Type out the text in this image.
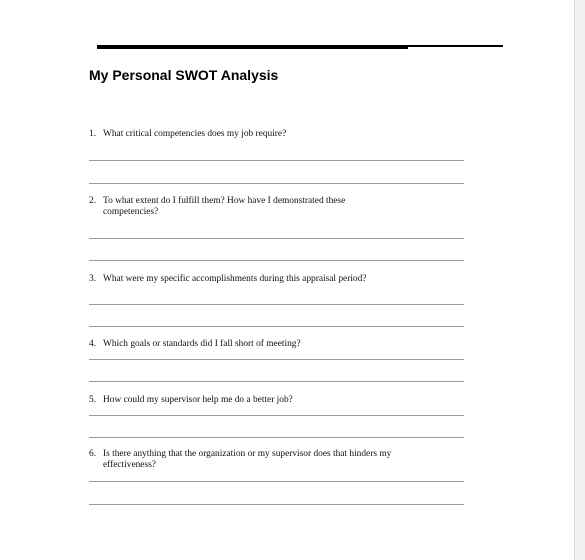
My Personal SWOT Analysis
1. What critical competencies does my job require?
2. To what extent do I fulfill them? How have I demonstrated these competencies?
3. What were my specific accomplishments during this appraisal period?
4. Which goals or standards did I fall short of meeting?
5. How could my supervisor help me do a better job?
6. Is there anything that the organization or my supervisor does that hinders my effectiveness?
